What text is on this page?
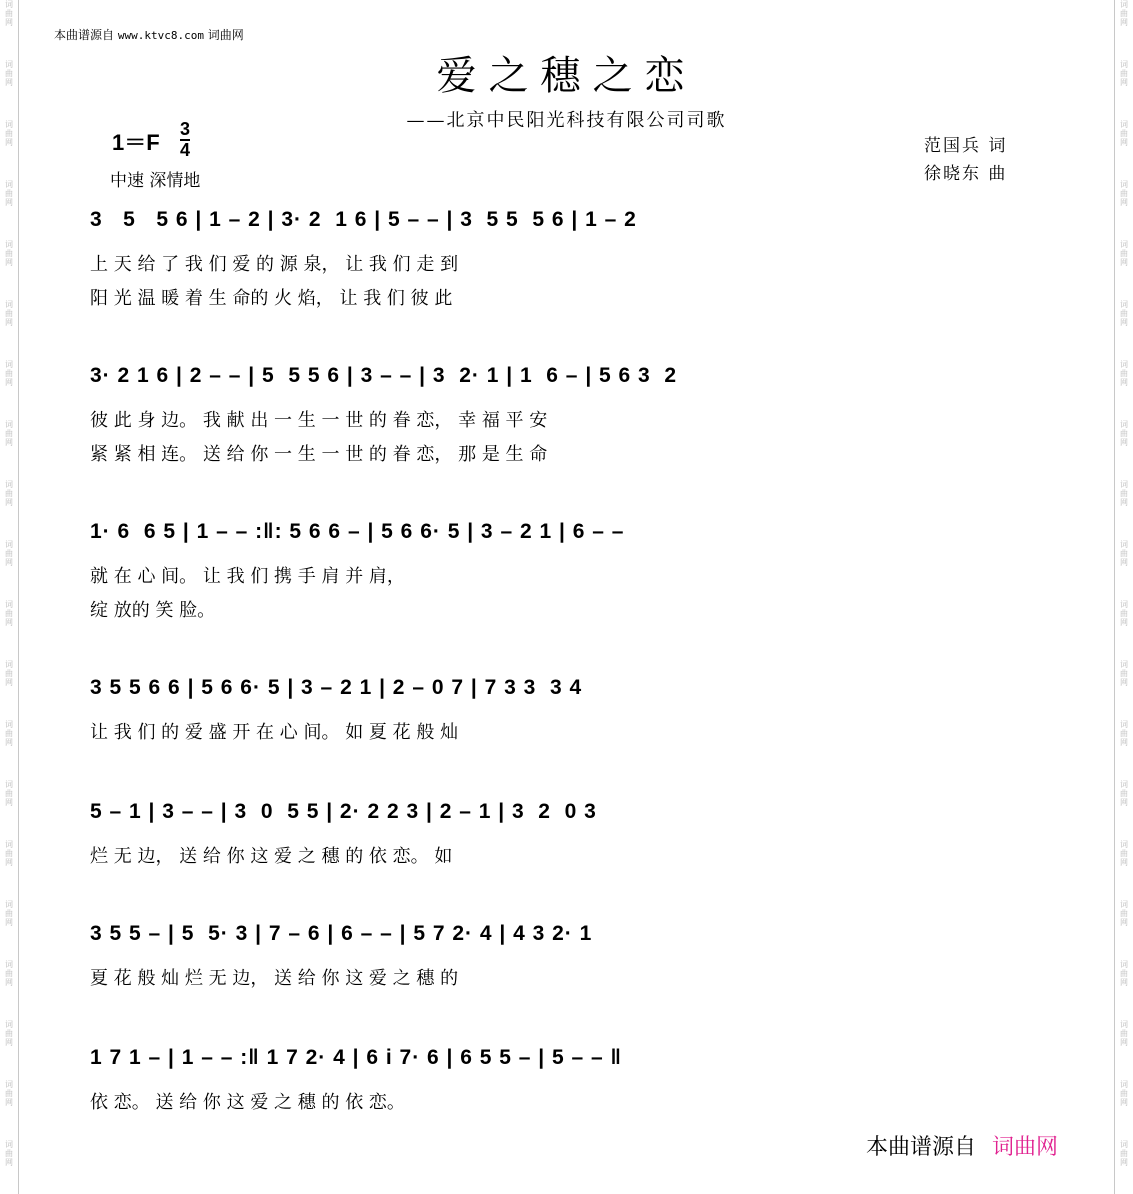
词
曲
网
词
曲
网
词
曲
网
词
曲
网
词
曲
网
词
曲
网
词
曲
网
词
曲
网
词
曲
网
词
曲
网
词
曲
网
词
曲
网
词
曲
网
词
曲
网
词
曲
网
词
曲
网
词
曲
网
词
曲
网
词
曲
网
词
曲
网
词
曲
网
词
曲
网
词
曲
网
词
曲
网
词
曲
网
词
曲
网
词
曲
网
词
曲
网
词
曲
网
词
曲
网
词
曲
网
词
曲
网
词
曲
网
词
曲
网
词
曲
网
词
曲
网
词
曲
网
词
曲
网
词
曲
网
词
曲
网
本曲谱源自 www.ktvc8.com 词曲网
爱之穗之恋
——北京中民阳光科技有限公司司歌
1＝F
3
4
中速 深情地
范国兵 词
徐晓东 曲
3   5   5 6 | 1 – 2 | 3· 2  1 6 | 5 – – | 3  5 5  5 6 | 1 – 2
上 天 给 了 我 们 爱 的 源 泉， 让 我 们 走 到
阳 光 温 暖 着 生 命的 火 焰， 让 我 们 彼 此
3· 2 1 6 | 2 – – | 5  5 5 6 | 3 – – | 3  2· 1 | 1  6 – | 5 6 3  2
彼 此 身 边。 我 献 出 一 生 一 世 的 眷 恋， 幸 福 平 安
紧 紧 相 连。 送 给 你 一 生 一 世 的 眷 恋， 那 是 生 命
1· 6  6 5 | 1 – – :‖: 5 6 6 – | 5 6 6· 5 | 3 – 2 1 | 6 – –
就 在 心 间。 让 我 们 携 手 肩 并 肩，
绽 放的 笑 脸。
3 5 5 6 6 | 5 6 6· 5 | 3 – 2 1 | 2 – 0 7 | 7 3 3  3 4
让 我 们 的 爱 盛 开 在 心 间。 如 夏 花 般 灿
5 – 1 | 3 – – | 3  0  5 5 | 2· 2 2 3 | 2 – 1 | 3  2  0 3
烂 无 边， 送 给 你 这 爱 之 穗 的 依 恋。 如
3 5 5 – | 5  5· 3 | 7 – 6 | 6 – – | 5 7 2· 4 | 4 3 2· 1
夏 花 般 灿 烂 无 边， 送 给 你 这 爱 之 穗 的
1 7 1 – | 1 – – :‖ 1 7 2· 4 | 6 i 7· 6 | 6 5 5 – | 5 – – ‖
依 恋。 送 给 你 这 爱 之 穗 的 依 恋。
本曲谱源自 词曲网
